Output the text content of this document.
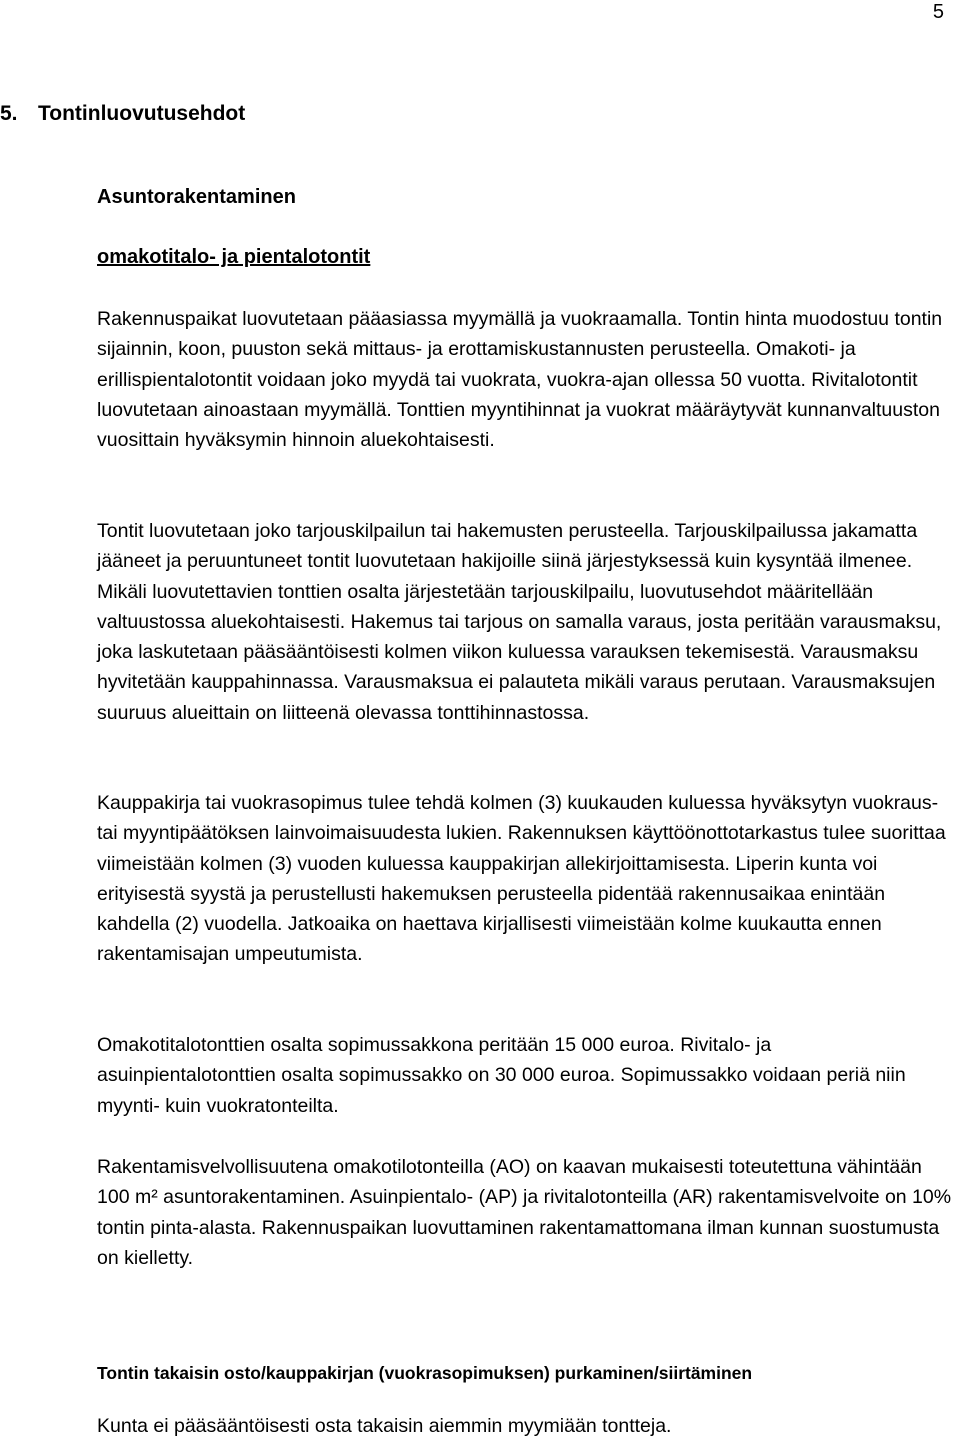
5
5. Tontinluovutusehdot
Asuntorakentaminen
omakotitalo- ja pientalotontit

Rakennuspaikat luovutetaan pääasiassa myymällä ja vuokraamalla. Tontin hinta muodostuu tontin sijainnin, koon, puuston sekä mittaus- ja erottamiskustannusten perusteella. Omakoti- ja erillispientalotontit voidaan joko myydä tai vuokrata, vuokra-ajan ollessa 50 vuotta. Rivitalotontit luovutetaan ainoastaan myymällä. Tonttien myyntihinnat ja vuokrat määräytyvät kunnanvaltuuston vuosittain hyväksymin hinnoin aluekohtaisesti.

Tontit luovutetaan joko tarjouskilpailun tai hakemusten perusteella. Tarjouskilpailussa jakamatta jääneet ja peruuntuneet tontit luovutetaan hakijoille siinä järjestyksessä kuin kysyntää ilmenee. Mikäli luovutettavien tonttien osalta järjestetään tarjouskilpailu, luovutusehdot määritellään valtuustossa aluekohtaisesti. Hakemus tai tarjous on samalla varaus, josta peritään varausmaksu, joka laskutetaan pääsääntöisesti kolmen viikon kuluessa varauksen tekemisestä. Varausmaksu hyvitetään kauppahinnassa. Varausmaksua ei palauteta mikäli varaus perutaan. Varausmaksujen suuruus alueittain on liitteenä olevassa tonttihinnastossa.

Kauppakirja tai vuokrasopimus tulee tehdä kolmen (3) kuukauden kuluessa hyväksytyn vuokraus- tai myyntipäätöksen lainvoimaisuudesta lukien. Rakennuksen käyttöönottotarkastus tulee suorittaa viimeistään kolmen (3) vuoden kuluessa kauppakirjan allekirjoittamisesta. Liperin kunta voi erityisestä syystä ja perustellusti hakemuksen perusteella pidentää rakennusaikaa enintään kahdella (2) vuodella. Jatkoaika on haettava kirjallisesti viimeistään kolme kuukautta ennen rakentamisajan umpeutumista.

Omakotitalotonttien osalta sopimussakkona peritään 15 000 euroa. Rivitalo- ja asuinpientalotonttien osalta sopimussakko on 30 000 euroa. Sopimussakko voidaan periä niin myynti- kuin vuokratonteilta.

Rakentamisvelvollisuutena omakotilotonteilla (AO) on kaavan mukaisesti toteutettuna vähintään 100 m² asuntorakentaminen. Asuinpientalo- (AP) ja rivitalotonteilla (AR) rakentamisvelvoite on 10% tontin pinta-alasta. Rakennuspaikan luovuttaminen rakentamattomana ilman kunnan suostumusta on kielletty.

Tontin takaisin osto/kauppakirjan (vuokrasopimuksen) purkaminen/siirtäminen

Kunta ei pääsääntöisesti osta takaisin aiemmin myymiään tontteja.
